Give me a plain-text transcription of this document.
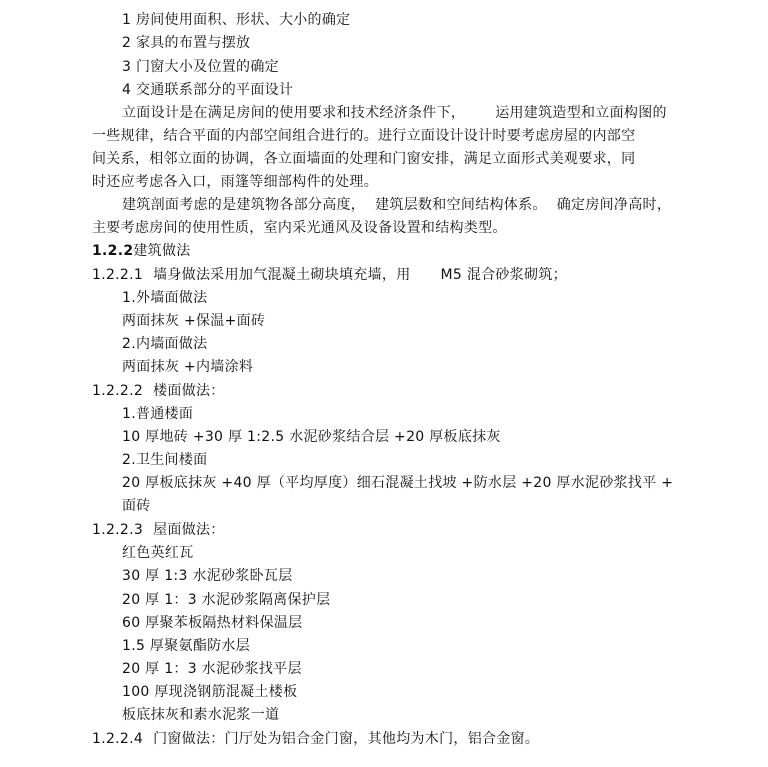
1 房间使用面积、形状、大小的确定
2 家具的布置与摆放
3 门窗大小及位置的确定
4 交通联系部分的平面设计
立面设计是在满足房间的使用要求和技术经济条件下， 运用建筑造型和立面构图的
一些规律，结合平面的内部空间组合进行的。进行立面设计设计时要考虑房屋的内部空
间关系，相邻立面的协调，各立面墙面的处理和门窗安排，满足立面形式美观要求，同
时还应考虑各入口，雨篷等细部构件的处理。
建筑剖面考虑的是建筑物各部分高度， 建筑层数和空间结构体系。 确定房间净高时，
主要考虑房间的使用性质，室内采光通风及设备设置和结构类型。
1.2.2建筑做法
1.2.2.1 墙身做法采用加气混凝土砌块填充墙，用 M5 混合砂浆砌筑；
1.外墙面做法
两面抹灰 +保温+面砖
2.内墙面做法
两面抹灰 +内墙涂料
1.2.2.2 楼面做法：
1.普通楼面
10 厚地砖 +30 厚 1:2.5 水泥砂浆结合层 +20 厚板底抹灰
2.卫生间楼面
20 厚板底抹灰 +40 厚（平均厚度）细石混凝土找坡 +防水层 +20 厚水泥砂浆找平 +
面砖
1.2.2.3 屋面做法：
红色英红瓦
30 厚 1:3 水泥砂浆卧瓦层
20 厚 1：3 水泥砂浆隔离保护层
60 厚聚苯板隔热材料保温层
1.5 厚聚氨酯防水层
20 厚 1：3 水泥砂浆找平层
100 厚现浇钢筋混凝土楼板
板底抹灰和素水泥浆一道
1.2.2.4 门窗做法：门厅处为铝合金门窗，其他均为木门，铝合金窗。
